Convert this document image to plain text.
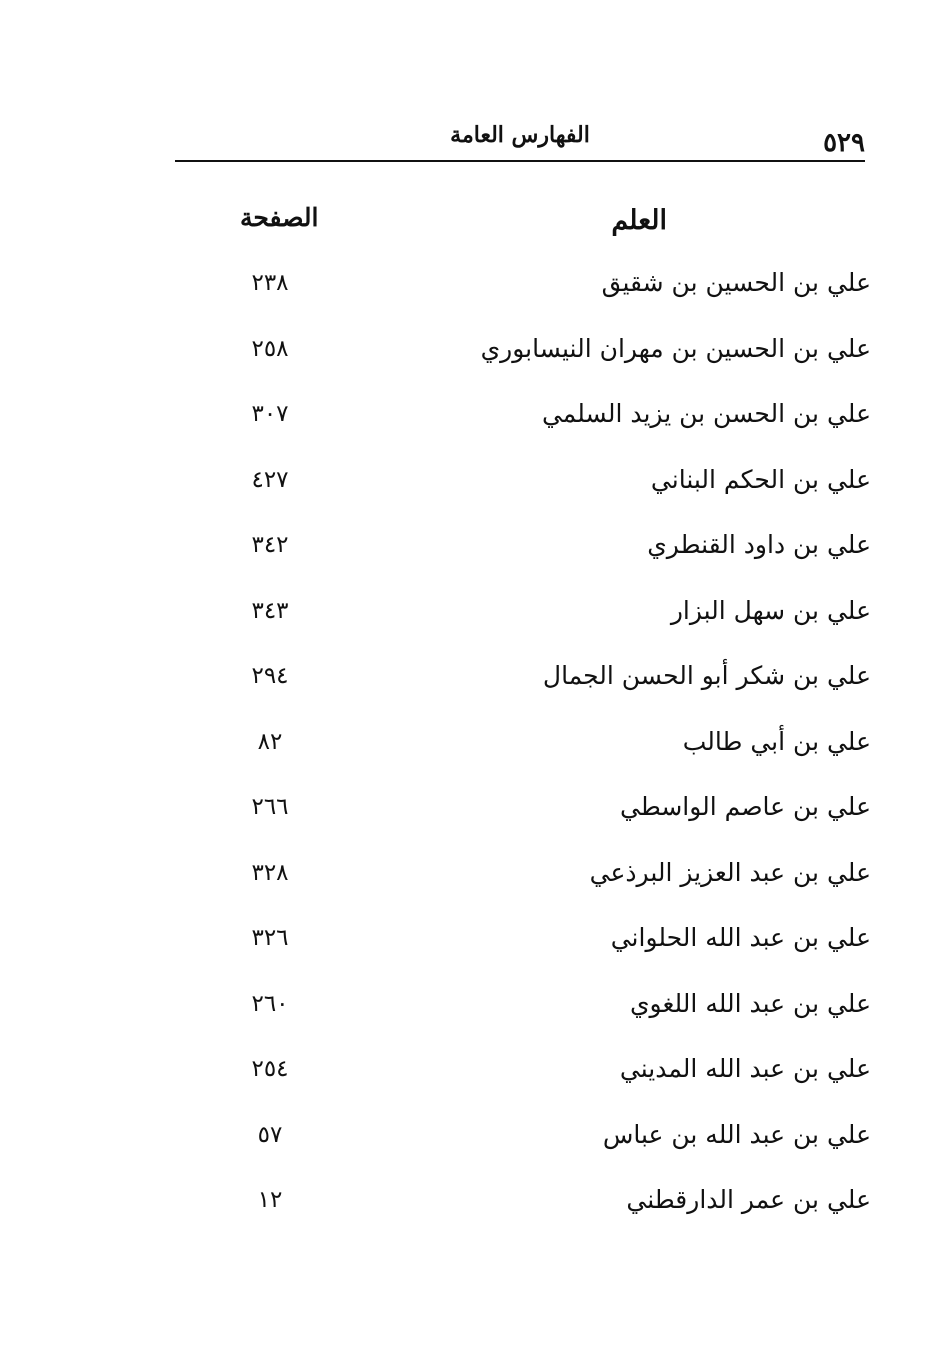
الفهارس العامة	٥٢٩
العلم
الصفحة
علي بن الحسين بن شقيق
٢٣٨
علي بن الحسين بن مهران النيسابوري
٢٥٨
علي بن الحسن بن يزيد السلمي
٣٠٧
علي بن الحكم البناني
٤٢٧
علي بن داود القنطري
٣٤٢
علي بن سهل البزار
٣٤٣
علي بن شكر أبو الحسن الجمال
٢٩٤
علي بن أبي طالب
٨٢
علي بن عاصم الواسطي
٢٦٦
علي بن عبد العزيز البرذعي
٣٢٨
علي بن عبد الله الحلواني
٣٢٦
علي بن عبد الله اللغوي
٢٦٠
علي بن عبد الله المديني
٢٥٤
علي بن عبد الله بن عباس
٥٧
علي بن عمر الدارقطني
١٢
